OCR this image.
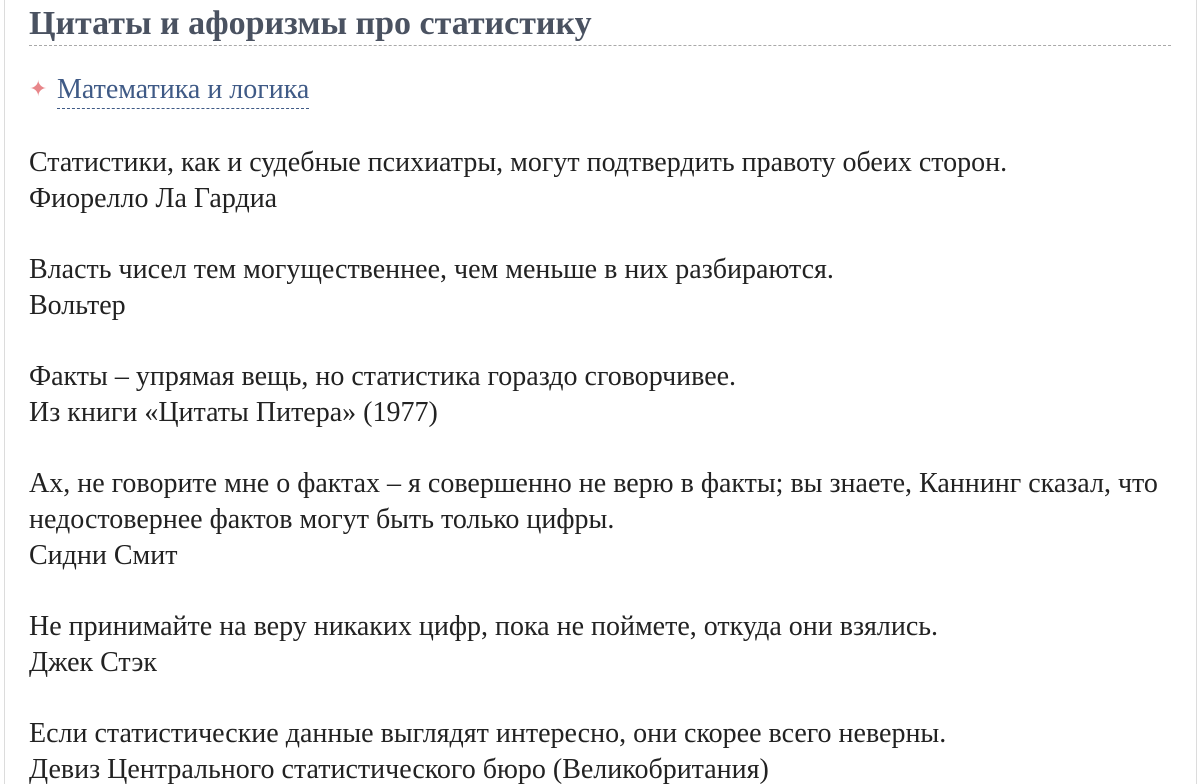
Цитаты и афоризмы про статистику
✦ Математика и логика
Статистики, как и судебные психиатры, могут подтвердить правоту обеих сторон.
Фиорелло Ла Гардиа
Власть чисел тем могущественнее, чем меньше в них разбираются.
Вольтер
Факты – упрямая вещь, но статистика гораздо сговорчивее.
Из книги «Цитаты Питера» (1977)
Ах, не говорите мне о фактах – я совершенно не верю в факты; вы знаете, Каннинг сказал, что недостовернее фактов могут быть только цифры.
Сидни Смит
Не принимайте на веру никаких цифр, пока не поймете, откуда они взялись.
Джек Стэк
Если статистические данные выглядят интересно, они скорее всего неверны.
Девиз Центрального статистического бюро (Великобритания)
